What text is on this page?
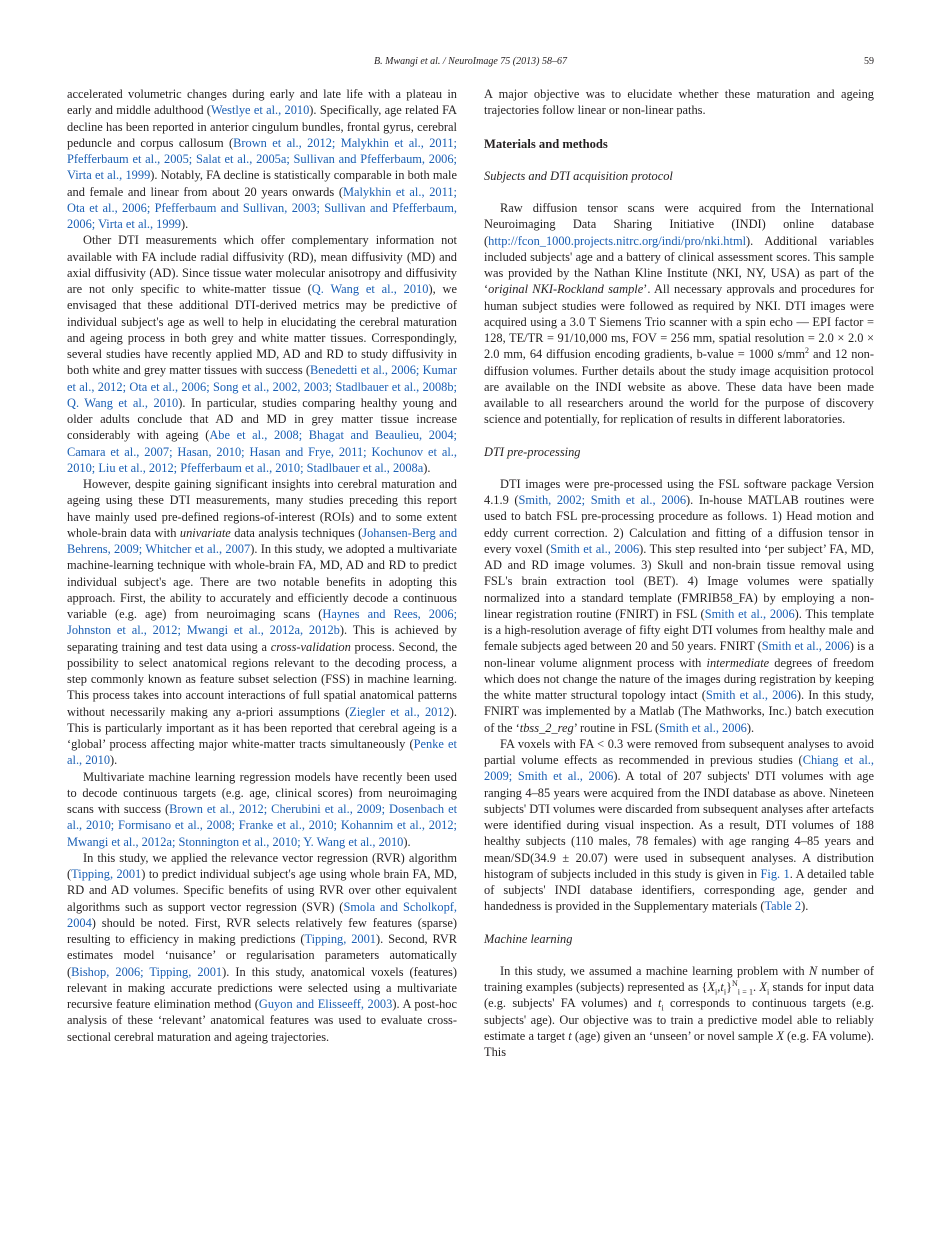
B. Mwangi et al. / NeuroImage 75 (2013) 58–67	59

accelerated volumetric changes during early and late life with a plateau in early and middle adulthood (Westlye et al., 2010). Specifically, age related FA decline has been reported in anterior cingulum bundles, frontal gyrus, cerebral peduncle and corpus callosum (Brown et al., 2012; Malykhin et al., 2011; Pfefferbaum et al., 2005; Salat et al., 2005a; Sullivan and Pfefferbaum, 2006; Virta et al., 1999). Notably, FA decline is statistically comparable in both male and female and linear from about 20 years onwards (Malykhin et al., 2011; Ota et al., 2006; Pfefferbaum and Sullivan, 2003; Sullivan and Pfefferbaum, 2006; Virta et al., 1999).

Other DTI measurements which offer complementary information not available with FA include radial diffusivity (RD), mean diffusivity (MD) and axial diffusivity (AD). Since tissue water molecular anisotropy and diffusivity are not only specific to white-matter tissue (Q. Wang et al., 2010), we envisaged that these additional DTI-derived metrics may be predictive of individual subject's age as well to help in elucidating the cerebral maturation and ageing process in both grey and white matter tissues. Correspondingly, several studies have recently applied MD, AD and RD to study diffusivity in both white and grey matter tissues with success (Benedetti et al., 2006; Kumar et al., 2012; Ota et al., 2006; Song et al., 2002, 2003; Stadlbauer et al., 2008b; Q. Wang et al., 2010). In particular, studies comparing healthy young and older adults conclude that AD and MD in grey matter tissue increase considerably with ageing (Abe et al., 2008; Bhagat and Beaulieu, 2004; Camara et al., 2007; Hasan, 2010; Hasan and Frye, 2011; Kochunov et al., 2010; Liu et al., 2012; Pfefferbaum et al., 2010; Stadlbauer et al., 2008a).

However, despite gaining significant insights into cerebral maturation and ageing using these DTI measurements, many studies preceding this report have mainly used pre-defined regions-of-interest (ROIs) and to some extent whole-brain data with univariate data analysis techniques (Johansen-Berg and Behrens, 2009; Whitcher et al., 2007). In this study, we adopted a multivariate machine-learning technique with whole-brain FA, MD, AD and RD to predict individual subject's age. There are two notable benefits in adopting this approach. First, the ability to accurately and efficiently decode a continuous variable (e.g. age) from neuroimaging scans (Haynes and Rees, 2006; Johnston et al., 2012; Mwangi et al., 2012a, 2012b). This is achieved by separating training and test data using a cross-validation process. Second, the possibility to select anatomical regions relevant to the decoding process, a step commonly known as feature subset selection (FSS) in machine learning. This process takes into account interactions of full spatial anatomical patterns without necessarily making any a-priori assumptions (Ziegler et al., 2012). This is particularly important as it has been reported that cerebral ageing is a ‘global’ process affecting major white-matter tracts simultaneously (Penke et al., 2010).

Multivariate machine learning regression models have recently been used to decode continuous targets (e.g. age, clinical scores) from neuroimaging scans with success (Brown et al., 2012; Cherubini et al., 2009; Dosenbach et al., 2010; Formisano et al., 2008; Franke et al., 2010; Kohannim et al., 2012; Mwangi et al., 2012a; Stonnington et al., 2010; Y. Wang et al., 2010).

In this study, we applied the relevance vector regression (RVR) algorithm (Tipping, 2001) to predict individual subject's age using whole brain FA, MD, RD and AD volumes. Specific benefits of using RVR over other equivalent algorithms such as support vector regression (SVR) (Smola and Scholkopf, 2004) should be noted. First, RVR selects relatively few features (sparse) resulting to efficiency in making predictions (Tipping, 2001). Second, RVR estimates model ‘nuisance’ or regularisation parameters automatically (Bishop, 2006; Tipping, 2001). In this study, anatomical voxels (features) relevant in making accurate predictions were selected using a multivariate recursive feature elimination method (Guyon and Elisseeff, 2003). A post-hoc analysis of these ‘relevant’ anatomical features was used to evaluate cross-sectional cerebral maturation and ageing trajectories.

A major objective was to elucidate whether these maturation and ageing trajectories follow linear or non-linear paths.

Materials and methods
Subjects and DTI acquisition protocol

Raw diffusion tensor scans were acquired from the International Neuroimaging Data Sharing Initiative (INDI) online database (http://fcon_1000.projects.nitrc.org/indi/pro/nki.html). Additional variables included subjects' age and a battery of clinical assessment scores. This sample was provided by the Nathan Kline Institute (NKI, NY, USA) as part of the ‘original NKI-Rockland sample’. All necessary approvals and procedures for human subject studies were followed as required by NKI. DTI images were acquired using a 3.0 T Siemens Trio scanner with a spin echo — EPI factor = 128, TE/TR = 91/10,000 ms, FOV = 256 mm, spatial resolution = 2.0 × 2.0 × 2.0 mm, 64 diffusion encoding gradients, b-value = 1000 $s/mm^2$ and 12 non-diffusion volumes. Further details about the study image acquisition protocol are available on the INDI website as above. These data have been made available to all researchers around the world for the purpose of discovery science and potentially, for replication of results in different laboratories.

DTI pre-processing

DTI images were pre-processed using the FSL software package Version 4.1.9 (Smith, 2002; Smith et al., 2006). In-house MATLAB routines were used to batch FSL pre-processing procedure as follows. 1) Head motion and eddy current correction. 2) Calculation and fitting of a diffusion tensor in every voxel (Smith et al., 2006). This step resulted into ‘per subject’ FA, MD, AD and RD image volumes. 3) Skull and non-brain tissue removal using FSL's brain extraction tool (BET). 4) Image volumes were spatially normalized into a standard template (FMRIB58_FA) by employing a non-linear registration routine (FNIRT) in FSL (Smith et al., 2006). This template is a high-resolution average of fifty eight DTI volumes from healthy male and female subjects aged between 20 and 50 years. FNIRT (Smith et al., 2006) is a non-linear volume alignment process with intermediate degrees of freedom which does not change the nature of the images during registration by keeping the white matter structural topology intact (Smith et al., 2006). In this study, FNIRT was implemented by a Matlab (The Mathworks, Inc.) batch execution of the ‘tbss_2_reg’ routine in FSL (Smith et al., 2006).

FA voxels with FA < 0.3 were removed from subsequent analyses to avoid partial volume effects as recommended in previous studies (Chiang et al., 2009; Smith et al., 2006). A total of 207 subjects' DTI volumes with age ranging 4–85 years were acquired from the INDI database as above. Nineteen subjects' DTI volumes were discarded from subsequent analyses after artefacts were identified during visual inspection. As a result, DTI volumes of 188 healthy subjects (110 males, 78 females) with age ranging 4–85 years and mean/SD(34.9 ± 20.07) were used in subsequent analyses. A distribution histogram of subjects included in this study is given in Fig. 1. A detailed table of subjects' INDI database identifiers, corresponding age, gender and handedness is provided in the Supplementary materials (Table 2).

Machine learning

In this study, we assumed a machine learning problem with N number of training examples (subjects) represented as $\{X_i,t_i\}^N_{i = 1}$. $X_i$ stands for input data (e.g. subjects' FA volumes) and $t_i$ corresponds to continuous targets (e.g. subjects' age). Our objective was to train a predictive model able to reliably estimate a target t (age) given an ‘unseen’ or novel sample X (e.g. FA volume). This
